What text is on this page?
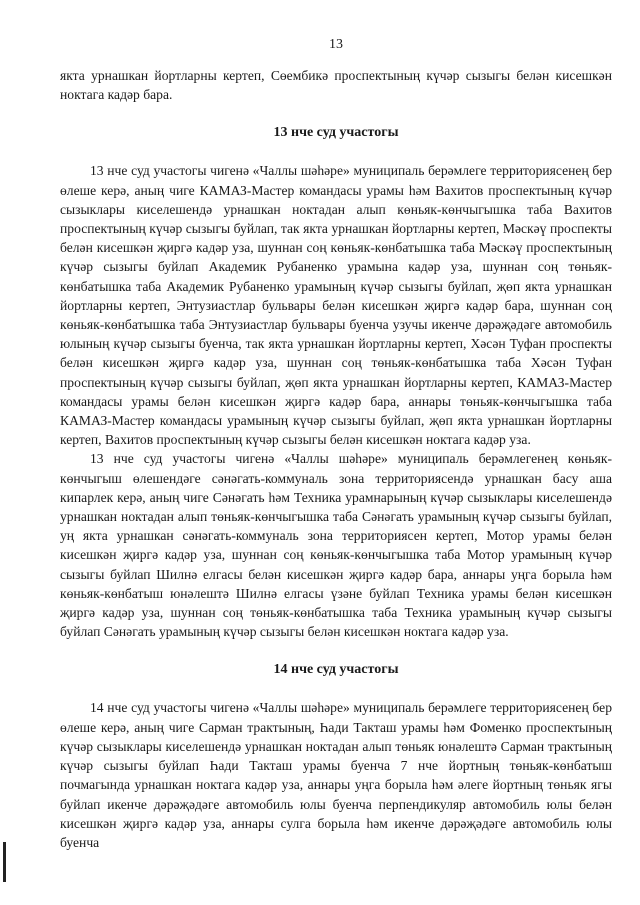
13

якта урнашкан йортларны кертеп, Сөембикә проспектының күчәр сызыгы белән кисешкән ноктага кадәр бара.

13 нче суд участогы

13 нче суд участогы чигенә «Чаллы шәһәре» муниципаль берәмлеге территориясенең бер өлеше керә, аның чиге КАМАЗ-Мастер командасы урамы һәм Вахитов проспектының күчәр сызыклары киселешендә урнашкан ноктадан алып көньяк-көнчыгышка таба Вахитов проспектының күчәр сызыгы буйлап, так якта урнашкан йортларны кертеп, Мәскәү проспекты белән кисешкән җиргә кадәр уза, шуннан соң көньяк-көнбатышка таба Мәскәү проспектының күчәр сызыгы буйлап Академик Рубаненко урамына кадәр уза, шуннан соң төньяк-көнбатышка таба Академик Рубаненко урамының күчәр сызыгы буйлап, җөп якта урнашкан йортларны кертеп, Энтузиастлар бульвары белән кисешкән җиргә кадәр бара, шуннан соң көньяк-көнбатышка таба Энтузиастлар бульвары буенча узучы икенче дәрәҗәдәге автомобиль юлының күчәр сызыгы буенча, так якта урнашкан йортларны кертеп, Хәсән Туфан проспекты белән кисешкән җиргә кадәр уза, шуннан соң төньяк-көнбатышка таба Хәсән Туфан проспектының күчәр сызыгы буйлап, җөп якта урнашкан йортларны кертеп, КАМАЗ-Мастер командасы урамы белән кисешкән җиргә кадәр бара, аннары төньяк-көнчыгышка таба КАМАЗ-Мастер командасы урамының күчәр сызыгы буйлап, җөп якта урнашкан йортларны кертеп, Вахитов проспектының күчәр сызыгы белән кисешкән ноктага кадәр уза.

13 нче суд участогы чигенә «Чаллы шәһәре» муниципаль берәмлегенең көньяк-көнчыгыш өлешендәге сәнәгать-коммуналь зона территориясендә урнашкан басу аша кипарлек керә, аның чиге Сәнәгать һәм Техника урамнарының күчәр сызыклары киселешендә урнашкан ноктадан алып төньяк-көнчыгышка таба Сәнәгать урамының күчәр сызыгы буйлап, уң якта урнашкан сәнәгать-коммуналь зона территориясен кертеп, Мотор урамы белән кисешкән җиргә кадәр уза, шуннан соң көньяк-көнчыгышка таба Мотор урамының күчәр сызыгы буйлап Шилнә елгасы белән кисешкән җиргә кадәр бара, аннары уңга борыла һәм көньяк-көнбатыш юнәлештә Шилнә елгасы үзәне буйлап Техника урамы белән кисешкән җиргә кадәр уза, шуннан соң төньяк-көнбатышка таба Техника урамының күчәр сызыгы буйлап Сәнәгать урамының күчәр сызыгы белән кисешкән ноктага кадәр уза.

14 нче суд участогы

14 нче суд участогы чигенә «Чаллы шәһәре» муниципаль берәмлеге территориясенең бер өлеше керә, аның чиге Сарман трактының, Һади Такташ урамы һәм Фоменко проспектының күчәр сызыклары киселешендә урнашкан ноктадан алып төньяк юнәлештә Сарман трактының күчәр сызыгы буйлап Һади Такташ урамы буенча 7 нче йортның төньяк-көнбатыш почмагында урнашкан ноктага кадәр уза, аннары уңга борыла һәм әлеге йортның төньяк ягы буйлап икенче дәрәҗәдәге автомобиль юлы буенча перпендикуляр автомобиль юлы белән кисешкән җиргә кадәр уза, аннары сулга борыла һәм икенче дәрәҗәдәге автомобиль юлы буенча
